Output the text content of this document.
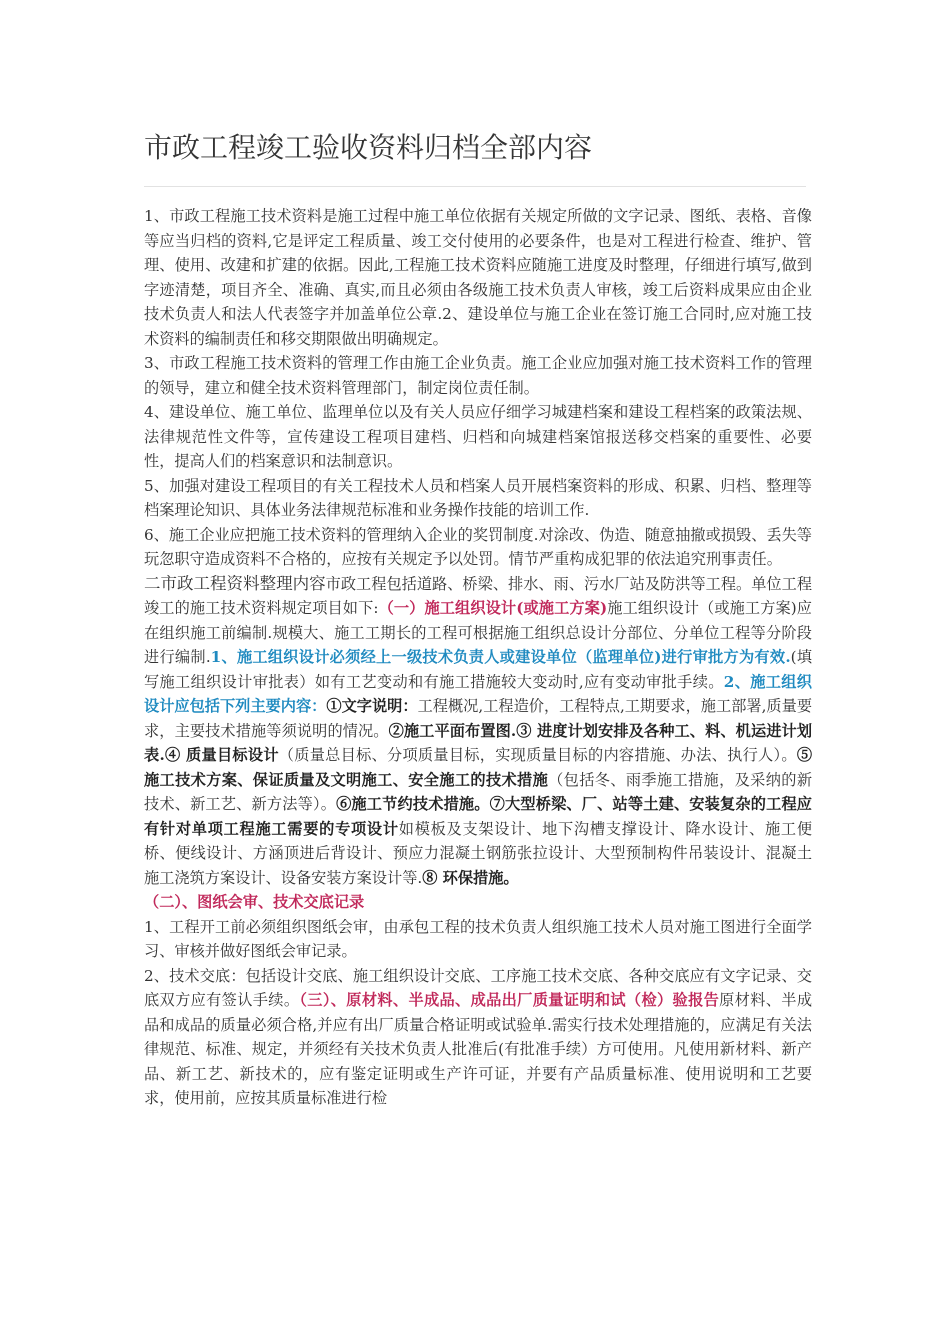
市政工程竣工验收资料归档全部内容

1、市政工程施工技术资料是施工过程中施工单位依据有关规定所做的文字记录、图纸、表格、音像等应当归档的资料,它是评定工程质量、竣工交付使用的必要条件，也是对工程进行检查、维护、管理、使用、改建和扩建的依据。因此,工程施工技术资料应随施工进度及时整理，仔细进行填写,做到字迹清楚，项目齐全、准确、真实,而且必须由各级施工技术负责人审核，竣工后资料成果应由企业技术负责人和法人代表签字并加盖单位公章.2、建设单位与施工企业在签订施工合同时,应对施工技术资料的编制责任和移交期限做出明确规定。

3、市政工程施工技术资料的管理工作由施工企业负责。施工企业应加强对施工技术资料工作的管理的领导，建立和健全技术资料管理部门，制定岗位责任制。

4、建设单位、施工单位、监理单位以及有关人员应仔细学习城建档案和建设工程档案的政策法规、法律规范性文件等，宣传建设工程项目建档、归档和向城建档案馆报送移交档案的重要性、必要性，提高人们的档案意识和法制意识。

5、加强对建设工程项目的有关工程技术人员和档案人员开展档案资料的形成、积累、归档、整理等档案理论知识、具体业务法律规范标准和业务操作技能的培训工作.

6、施工企业应把施工技术资料的管理纳入企业的奖罚制度.对涂改、伪造、随意抽撤或损毁、丢失等玩忽职守造成资料不合格的，应按有关规定予以处罚。情节严重构成犯罪的依法追究刑事责任。

二市政工程资料整理内容市政工程包括道路、桥梁、排水、雨、污水厂站及防洪等工程。单位工程竣工的施工技术资料规定项目如下:（一）施工组织设计(或施工方案)施工组织设计（或施工方案)应在组织施工前编制.规模大、施工工期长的工程可根据施工组织总设计分部位、分单位工程等分阶段进行编制.1、施工组织设计必须经上一级技术负责人或建设单位（监理单位)进行审批方为有效.(填写施工组织设计审批表）如有工艺变动和有施工措施较大变动时,应有变动审批手续。2、施工组织设计应包括下列主要内容：①文字说明：工程概况,工程造价，工程特点,工期要求，施工部署,质量要求，主要技术措施等须说明的情况。②施工平面布置图.③ 进度计划安排及各种工、料、机运进计划表.④ 质量目标设计（质量总目标、分项质量目标，实现质量目标的内容措施、办法、执行人）。⑤施工技术方案、保证质量及文明施工、安全施工的技术措施（包括冬、雨季施工措施，及采纳的新技术、新工艺、新方法等）。⑥施工节约技术措施。⑦大型桥梁、厂、站等土建、安装复杂的工程应有针对单项工程施工需要的专项设计如模板及支架设计、地下沟槽支撑设计、降水设计、施工便桥、便线设计、方涵顶进后背设计、预应力混凝土钢筋张拉设计、大型预制构件吊装设计、混凝土施工浇筑方案设计、设备安装方案设计等.⑧ 环保措施。

（二）、图纸会审、技术交底记录

1、工程开工前必须组织图纸会审，由承包工程的技术负责人组织施工技术人员对施工图进行全面学习、审核并做好图纸会审记录。

2、技术交底：包括设计交底、施工组织设计交底、工序施工技术交底、各种交底应有文字记录、交底双方应有签认手续。（三）、原材料、半成品、成品出厂质量证明和试（检）验报告原材料、半成品和成品的质量必须合格,并应有出厂质量合格证明或试验单.需实行技术处理措施的，应满足有关法律规范、标准、规定，并须经有关技术负责人批准后(有批准手续）方可使用。凡使用新材料、新产品、新工艺、新技术的，应有鉴定证明或生产许可证，并要有产品质量标准、使用说明和工艺要求，使用前，应按其质量标准进行检
